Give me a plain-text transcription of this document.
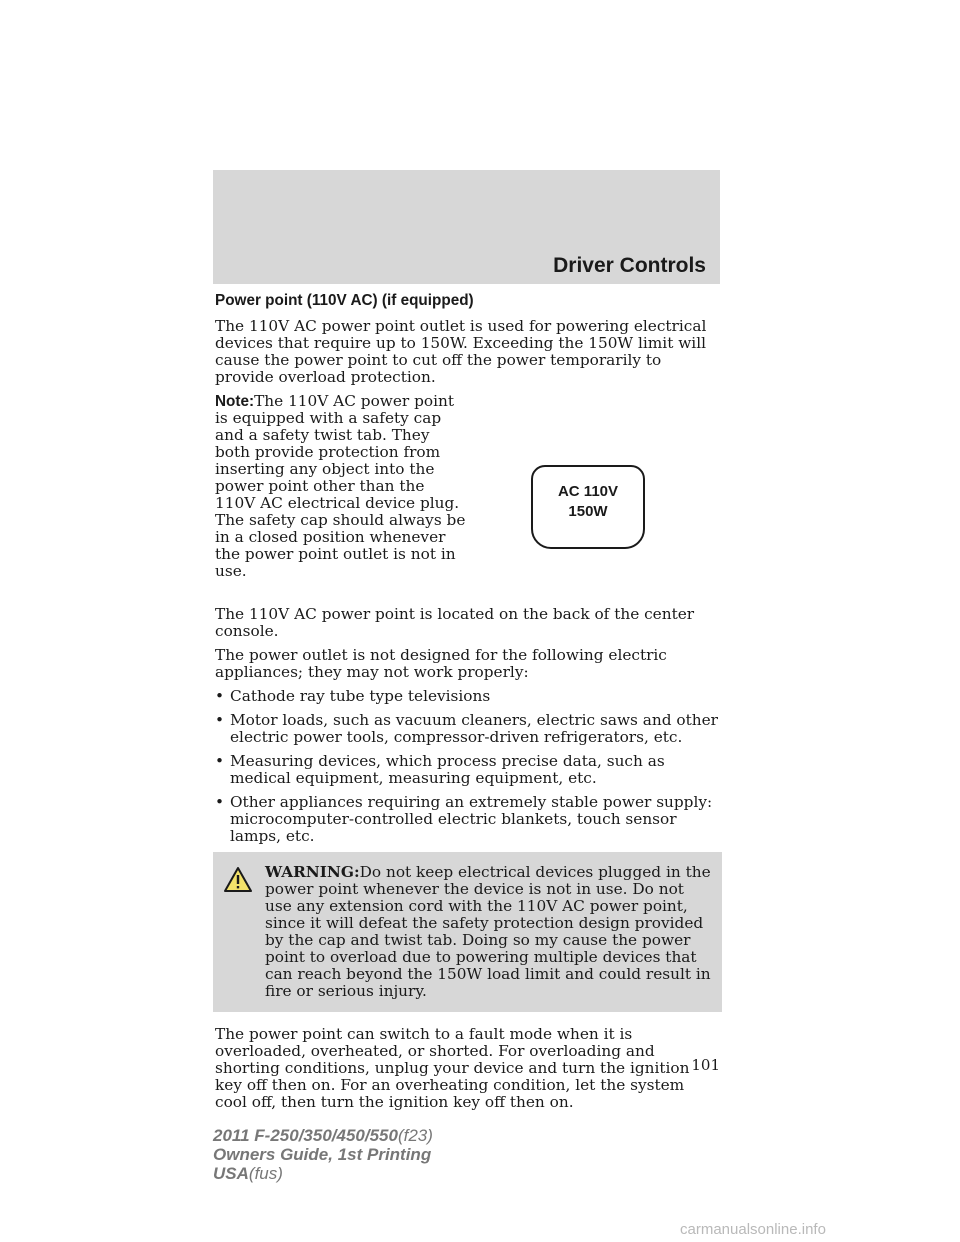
Driver Controls
Power point (110V AC) (if equipped)

The 110V AC power point outlet is used for powering electrical devices that require up to 150W. Exceeding the 150W limit will cause the power point to cut off the power temporarily to provide overload protection.

Note:The 110V AC power point is equipped with a safety cap and a safety twist tab. They both provide protection from inserting any object into the power point other than the 110V AC electrical device plug. The safety cap should always be in a closed position whenever the power point outlet is not in use.

AC 110V
150W

The 110V AC power point is located on the back of the center console.

The power outlet is not designed for the following electric appliances; they may not work properly:

• Cathode ray tube type televisions
• Motor loads, such as vacuum cleaners, electric saws and other electric power tools, compressor-driven refrigerators, etc.
• Measuring devices, which process precise data, such as medical equipment, measuring equipment, etc.
• Other appliances requiring an extremely stable power supply: microcomputer-controlled electric blankets, touch sensor lamps, etc.
WARNING:Do not keep electrical devices plugged in the power point whenever the device is not in use. Do not use any extension cord with the 110V AC power point, since it will defeat the safety protection design provided by the cap and twist tab. Doing so my cause the power point to overload due to powering multiple devices that can reach beyond the 150W load limit and could result in fire or serious injury.

The power point can switch to a fault mode when it is overloaded, overheated, or shorted. For overloading and shorting conditions, unplug your device and turn the ignition key off then on. For an overheating condition, let the system cool off, then turn the ignition key off then on.

101
2011 F-250/350/450/550(f23)
Owners Guide, 1st Printing
USA(fus)
carmanualsonline.info
